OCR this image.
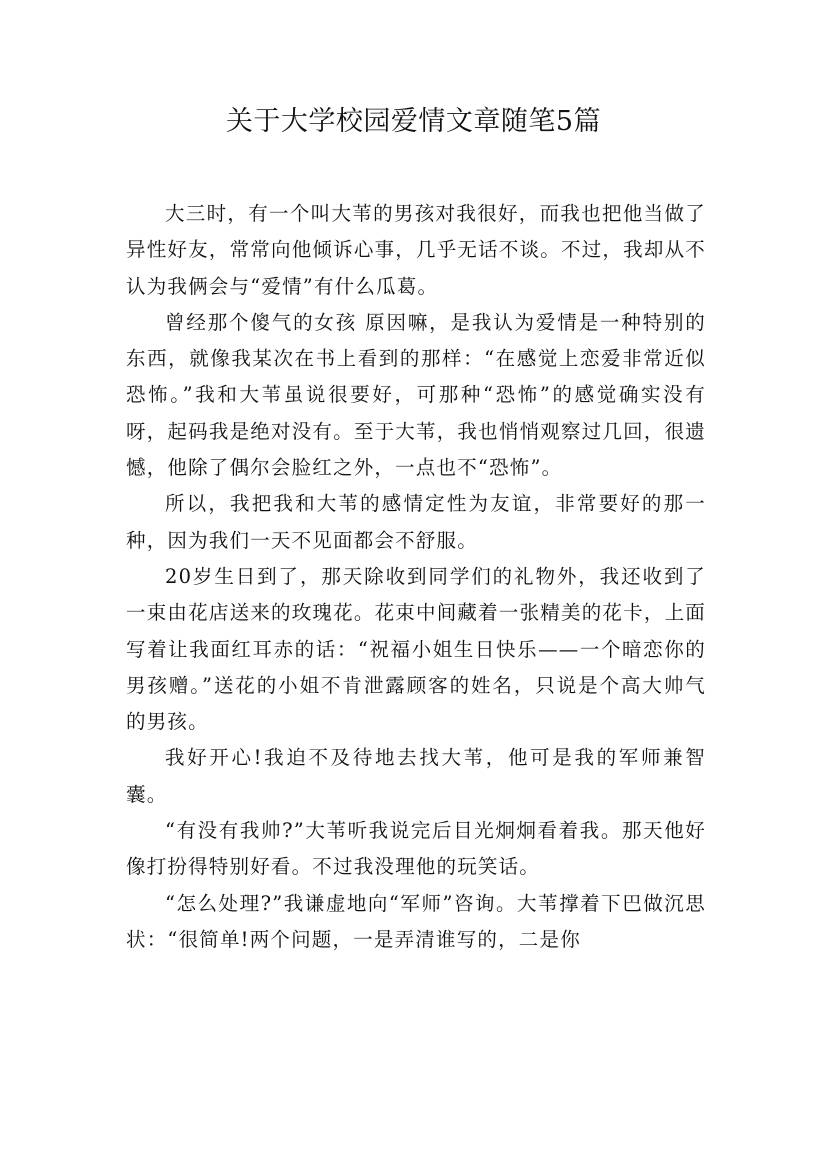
关于大学校园爱情文章随笔5篇

大三时，有一个叫大苇的男孩对我很好，而我也把他当做了异性好友，常常向他倾诉心事，几乎无话不谈。不过，我却从不认为我俩会与“爱情”有什么瓜葛。

曾经那个傻气的女孩 原因嘛，是我认为爱情是一种特别的东西，就像我某次在书上看到的那样：“在感觉上恋爱非常近似恐怖。”我和大苇虽说很要好，可那种“恐怖”的感觉确实没有呀，起码我是绝对没有。至于大苇，我也悄悄观察过几回，很遗憾，他除了偶尔会脸红之外，一点也不“恐怖”。

所以，我把我和大苇的感情定性为友谊，非常要好的那一种，因为我们一天不见面都会不舒服。

20岁生日到了，那天除收到同学们的礼物外，我还收到了一束由花店送来的玫瑰花。花束中间藏着一张精美的花卡，上面写着让我面红耳赤的话：“祝福小姐生日快乐——一个暗恋你的男孩赠。”送花的小姐不肯泄露顾客的姓名，只说是个高大帅气的男孩。

我好开心!我迫不及待地去找大苇，他可是我的军师兼智囊。

“有没有我帅?”大苇听我说完后目光炯炯看着我。那天他好像打扮得特别好看。不过我没理他的玩笑话。

“怎么处理?”我谦虚地向“军师”咨询。大苇撑着下巴做沉思状：“很简单!两个问题，一是弄清谁写的，二是你
